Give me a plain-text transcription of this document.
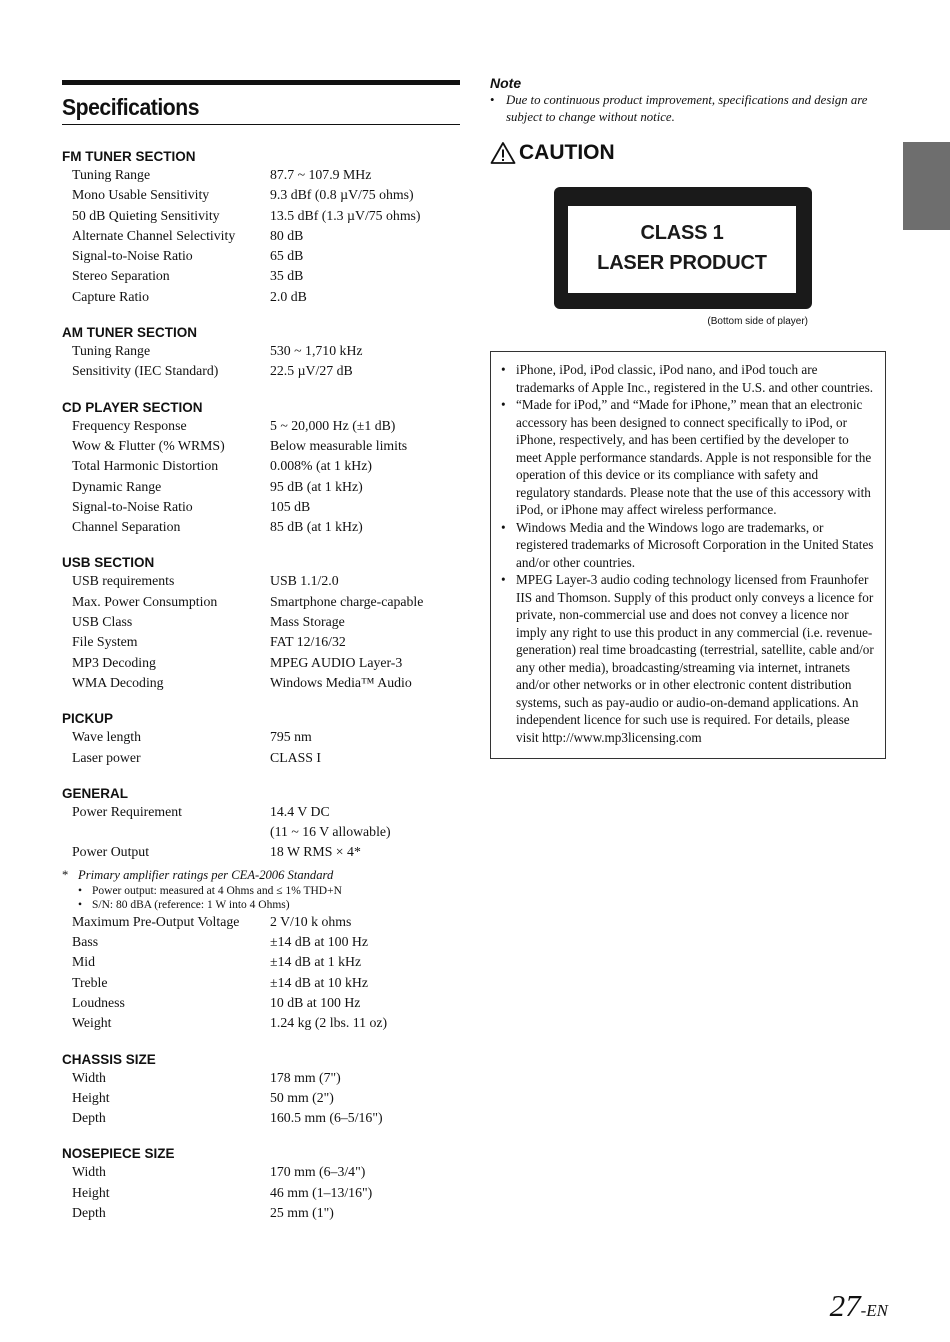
Specifications
FM TUNER SECTION
Tuning Range	87.7 ~ 107.9 MHz
Mono Usable Sensitivity	9.3 dBf (0.8 µV/75 ohms)
50 dB Quieting Sensitivity	13.5 dBf (1.3 µV/75 ohms)
Alternate Channel Selectivity	80 dB
Signal-to-Noise Ratio	65 dB
Stereo Separation	35 dB
Capture Ratio	2.0 dB
AM TUNER SECTION
Tuning Range	530 ~ 1,710 kHz
Sensitivity (IEC Standard)	22.5 µV/27 dB
CD PLAYER SECTION
Frequency Response	5 ~ 20,000 Hz (±1 dB)
Wow & Flutter (% WRMS)	Below measurable limits
Total Harmonic Distortion	0.008% (at 1 kHz)
Dynamic Range	95 dB (at 1 kHz)
Signal-to-Noise Ratio	105 dB
Channel Separation	85 dB (at 1 kHz)
USB SECTION
USB requirements	USB 1.1/2.0
Max. Power Consumption	Smartphone charge-capable
USB Class	Mass Storage
File System	FAT 12/16/32
MP3 Decoding	MPEG AUDIO Layer-3
WMA Decoding	Windows Media™ Audio
PICKUP
Wave length	795 nm
Laser power	CLASS I
GENERAL
Power Requirement	14.4 V DC
(11 ~ 16 V allowable)
Power Output	18 W RMS × 4*
* Primary amplifier ratings per CEA-2006 Standard
• Power output: measured at 4 Ohms and ≤ 1% THD+N
• S/N: 80 dBA (reference: 1 W into 4 Ohms)
Maximum Pre-Output Voltage	2 V/10 k ohms
Bass	±14 dB at 100 Hz
Mid	±14 dB at 1 kHz
Treble	±14 dB at 10 kHz
Loudness	10 dB at 100 Hz
Weight	1.24 kg (2 lbs. 11 oz)
CHASSIS SIZE
Width	178 mm (7")
Height	50 mm (2")
Depth	160.5 mm (6–5/16")
NOSEPIECE SIZE
Width	170 mm (6–3/4")
Height	46 mm (1–13/16")
Depth	25 mm (1")
Note
• Due to continuous product improvement, specifications and design are subject to change without notice.
CAUTION
CLASS 1
LASER PRODUCT
(Bottom side of player)
• iPhone, iPod, iPod classic, iPod nano, and iPod touch are trademarks of Apple Inc., registered in the U.S. and other countries.
• “Made for iPod,” and “Made for iPhone,” mean that an electronic accessory has been designed to connect specifically to iPod, or iPhone, respectively, and has been certified by the developer to meet Apple performance standards. Apple is not responsible for the operation of this device or its compliance with safety and regulatory standards. Please note that the use of this accessory with iPod, or iPhone may affect wireless performance.
• Windows Media and the Windows logo are trademarks, or registered trademarks of Microsoft Corporation in the United States and/or other countries.
• MPEG Layer-3 audio coding technology licensed from Fraunhofer IIS and Thomson. Supply of this product only conveys a licence for private, non-commercial use and does not convey a licence nor imply any right to use this product in any commercial (i.e. revenue-generation) real time broadcasting (terrestrial, satellite, cable and/or any other media), broadcasting/streaming via internet, intranets and/or other networks or in other electronic content distribution systems, such as pay-audio or audio-on-demand applications. An independent licence for such use is required. For details, please visit http://www.mp3licensing.com
27-EN
